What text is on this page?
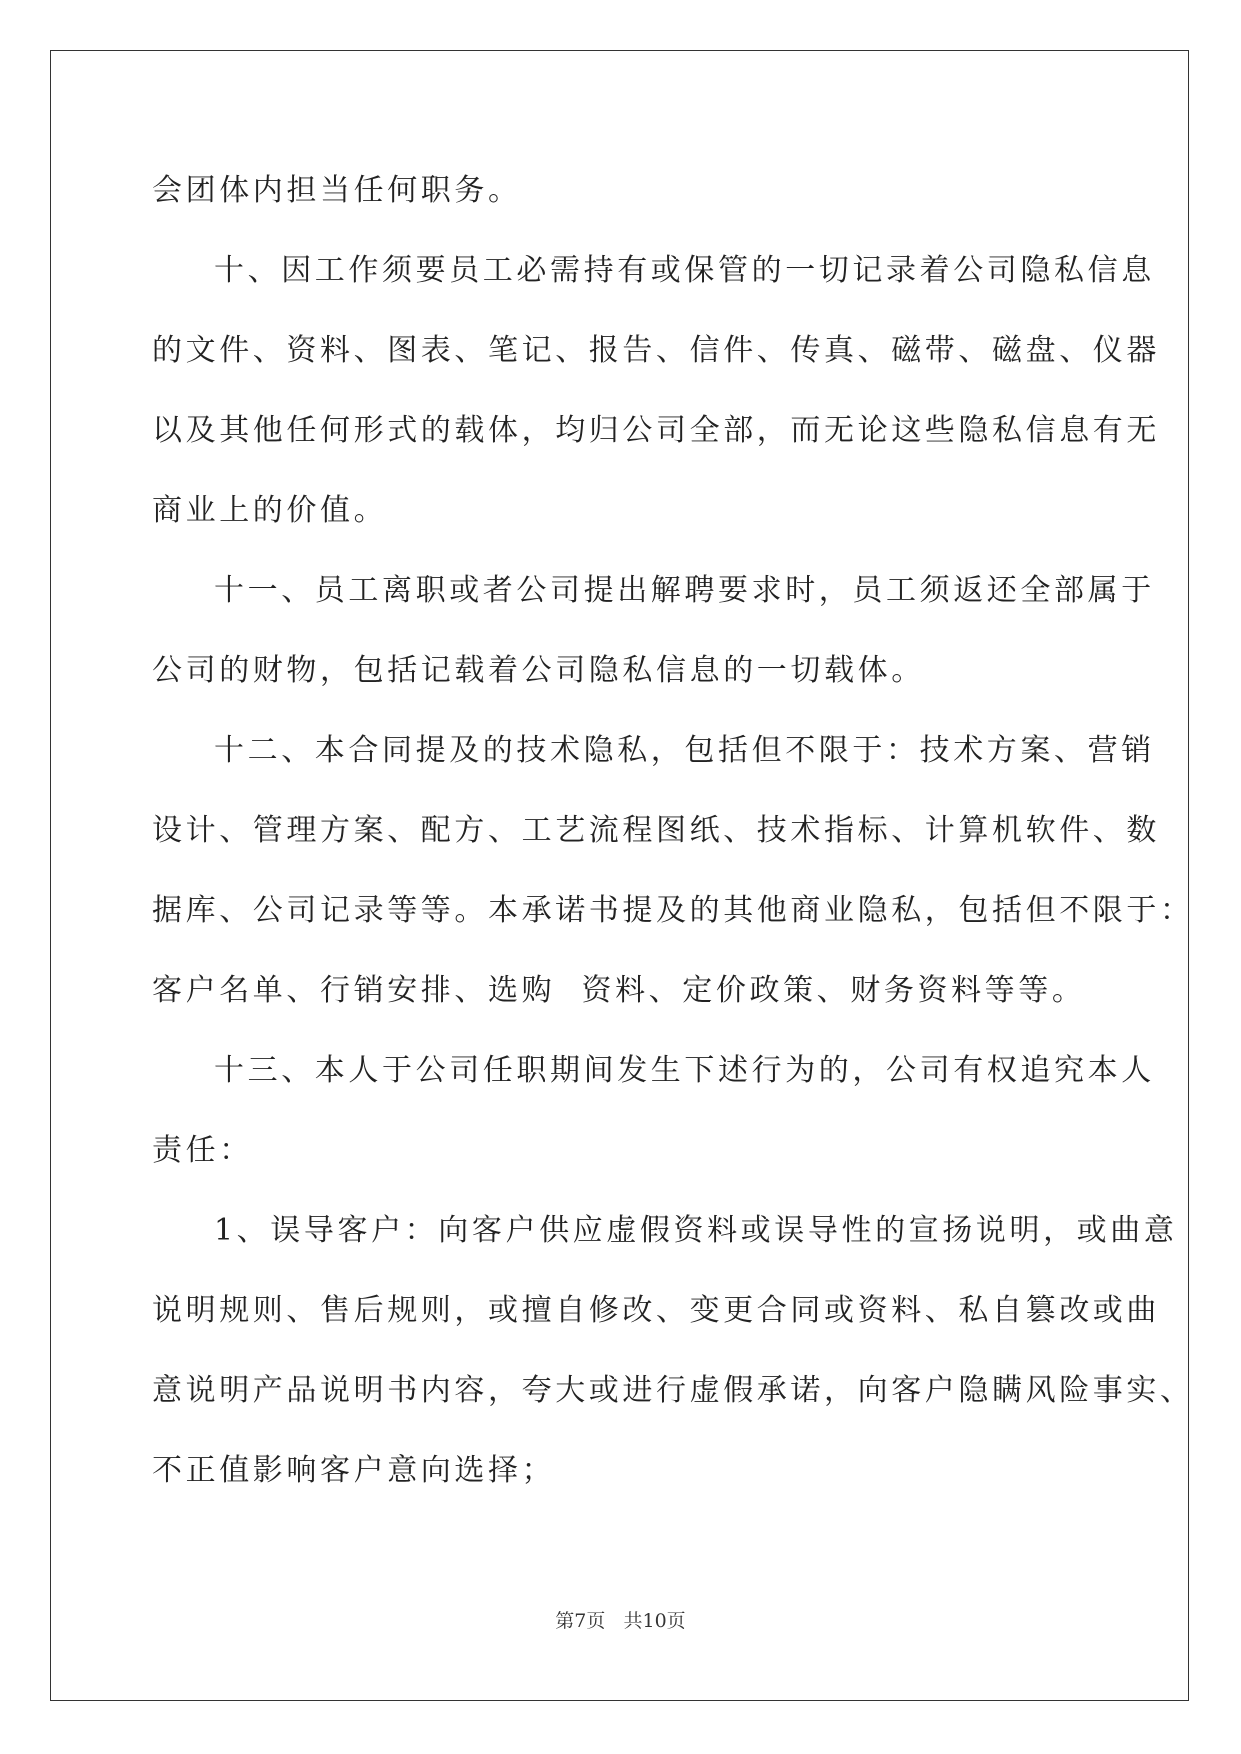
会团体内担当任何职务。
十、因工作须要员工必需持有或保管的一切记录着公司隐私信息
的文件、资料、图表、笔记、报告、信件、传真、磁带、磁盘、仪器
以及其他任何形式的载体，均归公司全部，而无论这些隐私信息有无
商业上的价值。
十一、员工离职或者公司提出解聘要求时，员工须返还全部属于
公司的财物，包括记载着公司隐私信息的一切载体。
十二、本合同提及的技术隐私，包括但不限于：技术方案、营销
设计、管理方案、配方、工艺流程图纸、技术指标、计算机软件、数
据库、公司记录等等。本承诺书提及的其他商业隐私，包括但不限于：
客户名单、行销安排、选购  资料、定价政策、财务资料等等。
十三、本人于公司任职期间发生下述行为的，公司有权追究本人
责任：
1、误导客户：向客户供应虚假资料或误导性的宣扬说明，或曲意
说明规则、售后规则，或擅自修改、变更合同或资料、私自篡改或曲
意说明产品说明书内容，夸大或进行虚假承诺，向客户隐瞒风险事实、
不正值影响客户意向选择；
第7页   共10页
